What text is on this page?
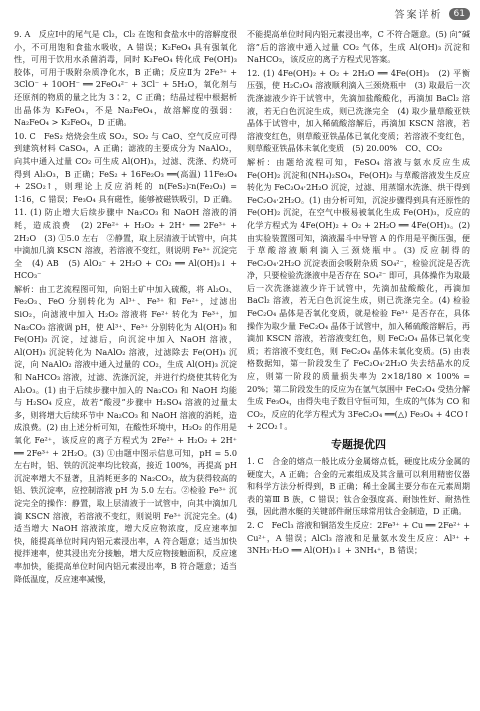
答案详析	61

9. A　反应Ⅰ中的尾气是 Cl₂，Cl₂ 在饱和食盐水中的溶解度很小，不可用饱和食盐水吸收，A 错误；K₂FeO₄ 具有强氧化性，可用于饮用水杀菌消毒，同时 K₂FeO₄ 转化成 Fe(OH)₃ 胶体，可用于吸附杂质净化水，B 正确；反应Ⅱ为 2Fe³⁺ + 3ClO⁻ + 10OH⁻ ══ 2FeO₄²⁻ + 3Cl⁻ + 5H₂O，氧化剂与还原剂的物质的量之比为 3∶2，C 正确；结晶过程中根据析出晶体为 K₂FeO₄，不是 Na₂FeO₄，故溶解度的强弱：Na₂FeO₄ > K₂FeO₄，D 正确。

10. C　FeS₂ 焙烧会生成 SO₂，SO₂ 与 CaO、空气反应可得到建筑材料 CaSO₄，A 正确；滤液的主要成分为 NaAlO₂，向其中通入过量 CO₂ 可生成 Al(OH)₃，过滤、洗涤、灼烧可得到 Al₂O₃，B 正确；FeS₂ + 16Fe₂O₃ ══(高温) 11Fe₃O₄ + 2SO₂↑，则理论上反应消耗的 n(FeS₂)∶n(Fe₂O₃) = 1∶16，C 错误；Fe₃O₄ 具有磁性，能够被磁铁吸引，D 正确。

11. (1) 防止增大后续步骤中 Na₂CO₃ 和 NaOH 溶液的消耗，造成浪费　(2) 2Fe²⁺ + H₂O₂ + 2H⁺ ══ 2Fe³⁺ + 2H₂O　(3) ①5.0 左右　②静置，取上层清液于试管中，向其中滴加几滴 KSCN 溶液，若溶液不变红，则说明 Fe³⁺ 沉淀完全　(4) AB　(5) AlO₂⁻ + 2H₂O + CO₂ ══ Al(OH)₃↓ + HCO₃⁻

解析：由工艺流程图可知，向铝土矿中加入硫酸，将 Al₂O₃、Fe₂O₃、FeO 分别转化为 Al³⁺、Fe³⁺ 和 Fe²⁺，过滤出 SiO₂，向滤液中加入 H₂O₂ 溶液将 Fe²⁺ 转化为 Fe³⁺，加 Na₂CO₃ 溶液调 pH，使 Al³⁺、Fe³⁺ 分别转化为 Al(OH)₃ 和 Fe(OH)₃ 沉淀，过滤后，向沉淀中加入 NaOH 溶液，Al(OH)₃ 沉淀转化为 NaAlO₂ 溶液，过滤除去 Fe(OH)₃ 沉淀，向 NaAlO₂ 溶液中通入过量的 CO₂，生成 Al(OH)₃ 沉淀和 NaHCO₃ 溶液，过滤、洗涤沉淀，并进行灼烧使其转化为 Al₂O₃。(1) 由于后续步骤中加入的 Na₂CO₃ 和 NaOH 均能与 H₂SO₄ 反应，故若“酸浸”步骤中 H₂SO₄ 溶液的过量太多，则将增大后续环节中 Na₂CO₃ 和 NaOH 溶液的消耗，造成浪费。(2) 由上述分析可知，在酸性环境中，H₂O₂ 的作用是氧化 Fe²⁺，该反应的离子方程式为 2Fe²⁺ + H₂O₂ + 2H⁺ ══ 2Fe³⁺ + 2H₂O。(3) ①由题中图示信息可知，pH = 5.0 左右时，铝、铁的沉淀率均比较高，接近 100%，再提高 pH 沉淀率增大不显著，且消耗更多的 Na₂CO₃，故为获得较高的铝、铁沉淀率，应控制溶液 pH 为 5.0 左右。②检验 Fe³⁺ 沉淀完全的操作：静置，取上层清液于一试管中，向其中滴加几滴 KSCN 溶液，若溶液不变红，则说明 Fe³⁺ 沉淀完全。(4) 适当增大 NaOH 溶液浓度，增大反应物浓度，反应速率加快，能提高单位时间内铝元素浸出率，A 符合题意；适当加快搅拌速率，使其浸出充分接触，增大反应物接触面积，反应速率加快，能提高单位时间内铝元素浸出率，B 符合题意；适当降低温度，反应速率减慢，

不能提高单位时间内铝元素浸出率，C 不符合题意。(5) 向“碱溶”后的溶液中通入过量 CO₂ 气体，生成 Al(OH)₃ 沉淀和 NaHCO₃，该反应的离子方程式见答案。

12. (1) 4Fe(OH)₂ + O₂ + 2H₂O ══ 4Fe(OH)₃　(2) 平衡压强，使 H₂C₂O₄ 溶液顺利滴入三颈烧瓶中　(3) 取最后一次洗涤滤液少许于试管中，先滴加盐酸酸化，再滴加 BaCl₂ 溶液，若无白色沉淀生成，则已洗涤完全　(4) 取少量草酸亚铁晶体于试管中，加入稀硫酸溶解后，再滴加 KSCN 溶液，若溶液变红色，则草酸亚铁晶体已氧化变质；若溶液不变红色，则草酸亚铁晶体未氧化变质　(5) 20.00%　CO、CO₂

解析：由题给流程可知，FeSO₄ 溶液与氨水反应生成 Fe(OH)₂ 沉淀和(NH₄)₂SO₄，Fe(OH)₂ 与草酸溶液发生反应转化为 FeC₂O₄·2H₂O 沉淀，过滤、用蒸馏水洗涤、烘干得到 FeC₂O₄·2H₂O。(1) 由分析可知，沉淀步骤得到具有还原性的 Fe(OH)₂ 沉淀，在空气中极易被氧化生成 Fe(OH)₃，反应的化学方程式为 4Fe(OH)₂ + O₂ + 2H₂O ══ 4Fe(OH)₃。(2) 由实验装置图可知，滴液漏斗中导管 A 的作用是平衡压强，便于草酸溶液顺利滴入三颈烧瓶中。(3) 反应制得的 FeC₂O₄·2H₂O 沉淀表面会吸附杂质 SO₄²⁻，检验沉淀是否洗净，只要检验洗涤液中是否存在 SO₄²⁻ 即可，具体操作为取最后一次洗涤滤液少许于试管中，先滴加盐酸酸化，再滴加 BaCl₂ 溶液，若无白色沉淀生成，则已洗涤完全。(4) 检验 FeC₂O₄ 晶体是否氧化变质，就是检验 Fe³⁺ 是否存在，具体操作为取少量 FeC₂O₄ 晶体于试管中，加入稀硫酸溶解后，再滴加 KSCN 溶液，若溶液变红色，则 FeC₂O₄ 晶体已氧化变质；若溶液不变红色，则 FeC₂O₄ 晶体未氧化变质。(5) 由表格数据知，第一阶段发生了 FeC₂O₄·2H₂O 失去结晶水的反应，则第一阶段的质量损失率为 2×18/180 × 100% = 20%；第二阶段发生的反应为在氩气氛围中 FeC₂O₄ 受热分解生成 Fe₃O₄，由得失电子数目守恒可知，生成的气体为 CO 和 CO₂，反应的化学方程式为 3FeC₂O₄ ══(△) Fe₃O₄ + 4CO↑ + 2CO₂↑。

专题提优四

1. C　合金的熔点一般比成分金属熔点低，硬度比成分金属的硬度大，A 正确；合金的元素组成及其含量可以利用精密仪器和科学方法分析得到，B 正确；稀土金属主要分布在元素周期表的第Ⅲ B 族，C 错误；钛合金强度高、耐蚀性好、耐热性强，因此潜水艇的关键部件耐压球常用钛合金制造，D 正确。

2. C　FeCl₃ 溶液和铜箔发生反应：2Fe³⁺ + Cu ══ 2Fe²⁺ + Cu²⁺，A 错误；AlCl₃ 溶液和足量氨水发生反应：Al³⁺ + 3NH₃·H₂O ══ Al(OH)₃↓ + 3NH₄⁺，B 错误；
